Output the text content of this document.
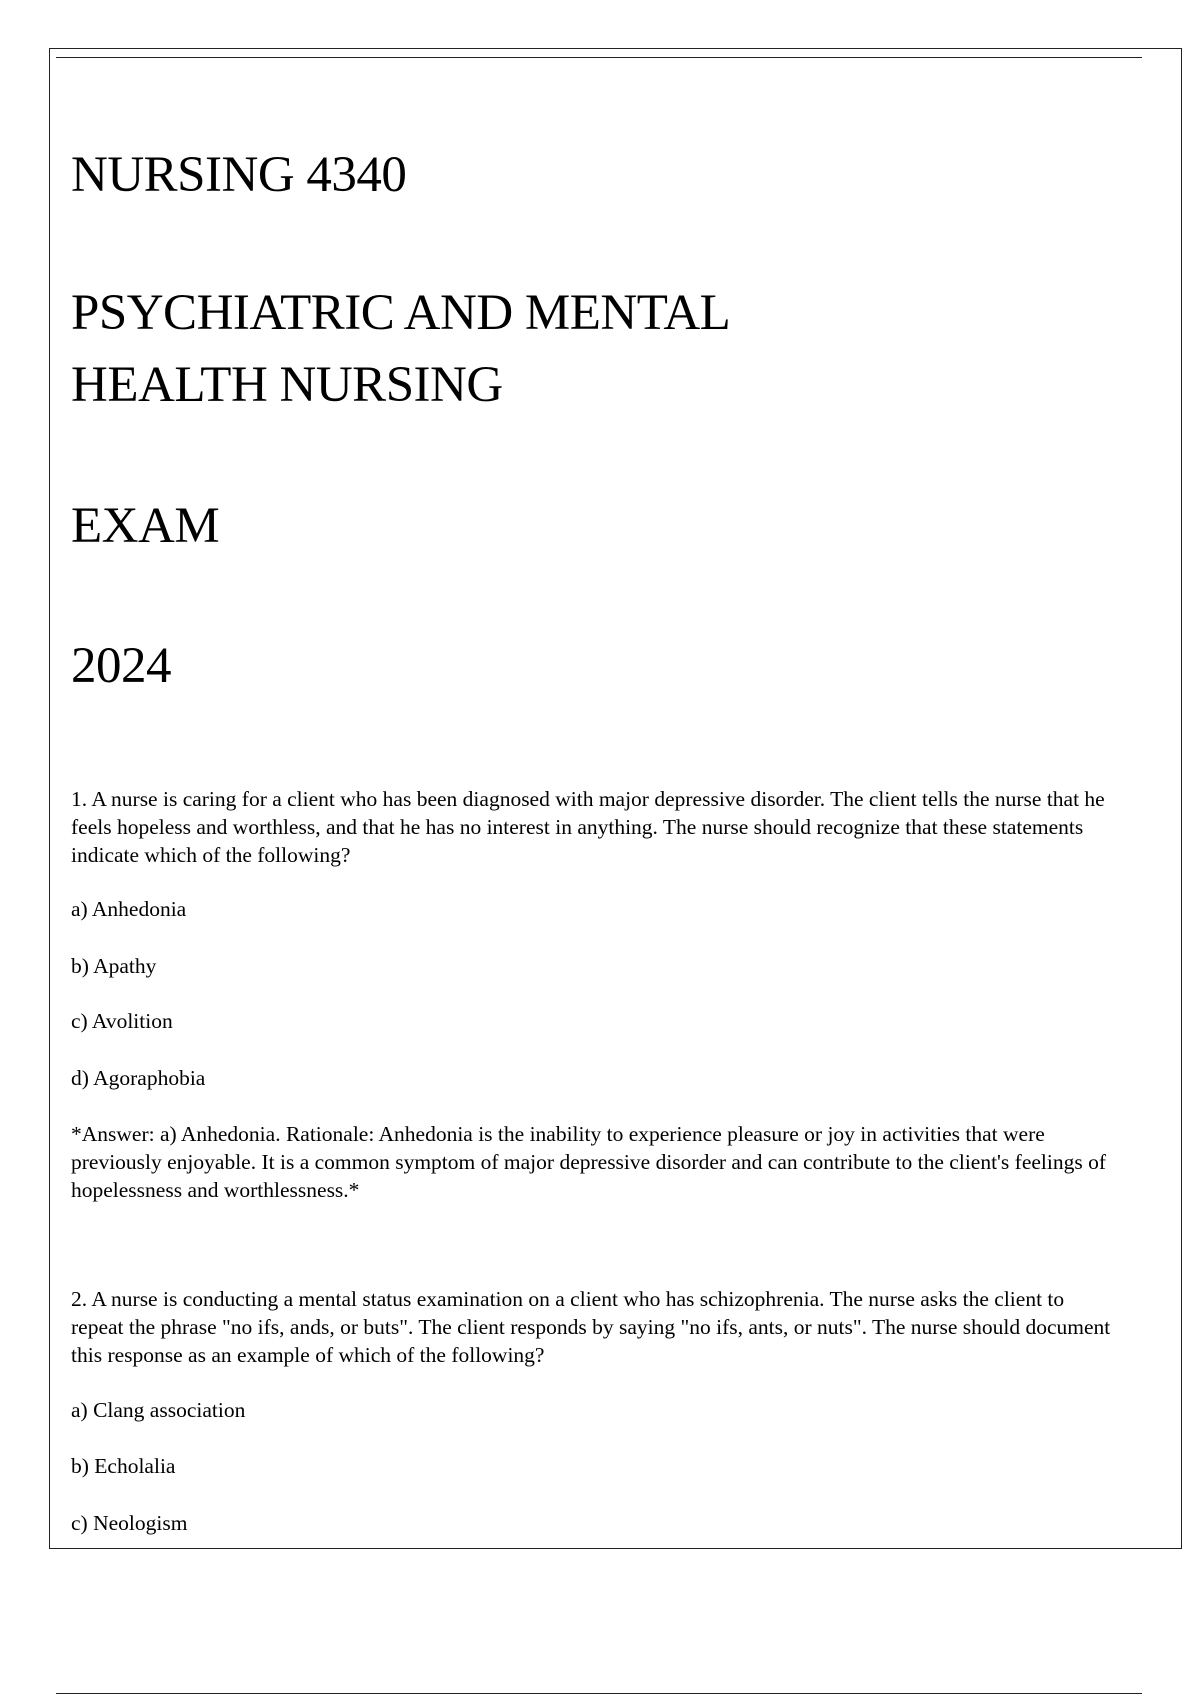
NURSING 4340
PSYCHIATRIC AND MENTAL
HEALTH NURSING
EXAM
2024

1. A nurse is caring for a client who has been diagnosed with major depressive disorder. The client tells the nurse that he feels hopeless and worthless, and that he has no interest in anything. The nurse should recognize that these statements indicate which of the following?

a) Anhedonia

b) Apathy

c) Avolition

d) Agoraphobia

*Answer: a) Anhedonia. Rationale: Anhedonia is the inability to experience pleasure or joy in activities that were previously enjoyable. It is a common symptom of major depressive disorder and can contribute to the client's feelings of hopelessness and worthlessness.*

2. A nurse is conducting a mental status examination on a client who has schizophrenia. The nurse asks the client to repeat the phrase "no ifs, ands, or buts". The client responds by saying "no ifs, ants, or nuts". The nurse should document this response as an example of which of the following?

a) Clang association

b) Echolalia

c) Neologism
